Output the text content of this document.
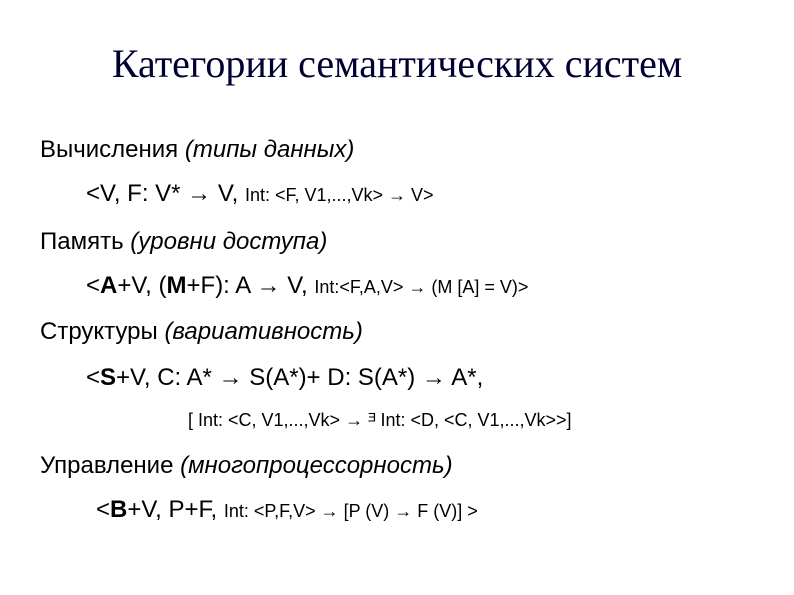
Категории семантических систем
Вычисления (типы данных)
<V, F: V* → V, Int: <F, V1,...,Vk> → V>
Память (уровни доступа)
<A+V, (M+F): A → V, Int:<F,A,V> → (M [A] = V)>
Структуры (вариативность)
<S+V, C: A* → S(A*)+ D: S(A*) → A*,
[ Int: <C, V1,...,Vk> → ᴲ Int: <D, <C, V1,...,Vk>>]
Управление (многопроцессорность)
<B+V, P+F, Int: <P,F,V> → [P (V) → F (V)] >
